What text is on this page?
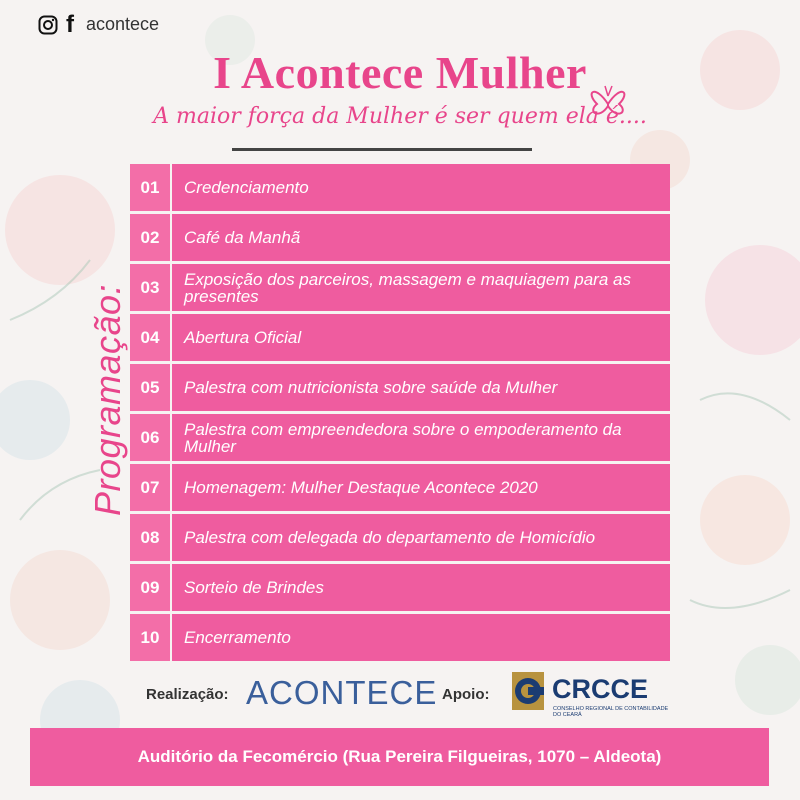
f acontece
I Acontece Mulher
A maior força da Mulher é ser quem ela é....
Programação:
01	Credenciamento
02	Café da Manhã
03	Exposição dos parceiros, massagem e maquiagem para as presentes
04	Abertura Oficial
05	Palestra com nutricionista sobre saúde da Mulher
06	Palestra com empreendedora sobre o empoderamento da Mulher
07	Homenagem: Mulher Destaque Acontece 2020
08	Palestra com delegada do departamento de Homicídio
09	Sorteio de Brindes
10	Encerramento
Realização: ACONTECE Apoio: CRCCE
CONSELHO REGIONAL DE CONTABILIDADE DO CEARÁ
Auditório da Fecomércio (Rua Pereira Filgueiras, 1070 – Aldeota)
